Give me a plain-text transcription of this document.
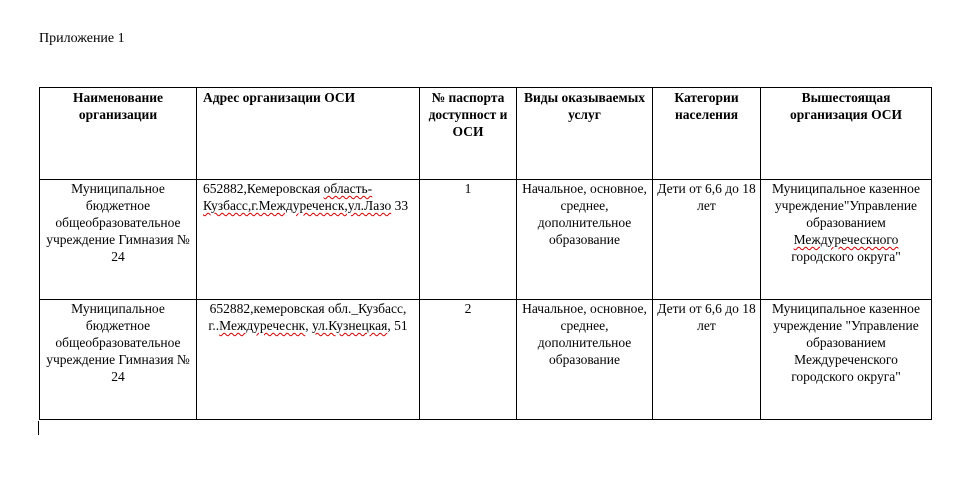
Приложение 1
Наименование организации	Адрес организации ОСИ	№ паспорта доступност и ОСИ	Виды оказываемых услуг	Категории населения	Вышестоящая организация ОСИ
Муниципальное бюджетное общеобразовательное учреждение Гимназия № 24	652882,Кемеровская область-Кузбасс,г.Междуреченск,ул.Лазо 33	1	Начальное, основное, среднее, дополнительное образование	Дети от 6,6 до 18 лет	Муниципальное казенное учреждение"Управление образованием Междуреческного городского округа"
Муниципальное бюджетное общеобразовательное учреждение Гимназия № 24	652882,кемеровская обл._Кузбасс, г..Междуречеснк, ул.Кузнецкая, 51	2	Начальное, основное, среднее, дополнительное образование	Дети от 6,6 до 18 лет	Муниципальное казенное учреждение "Управление образованием Междуреченского городского округа"
